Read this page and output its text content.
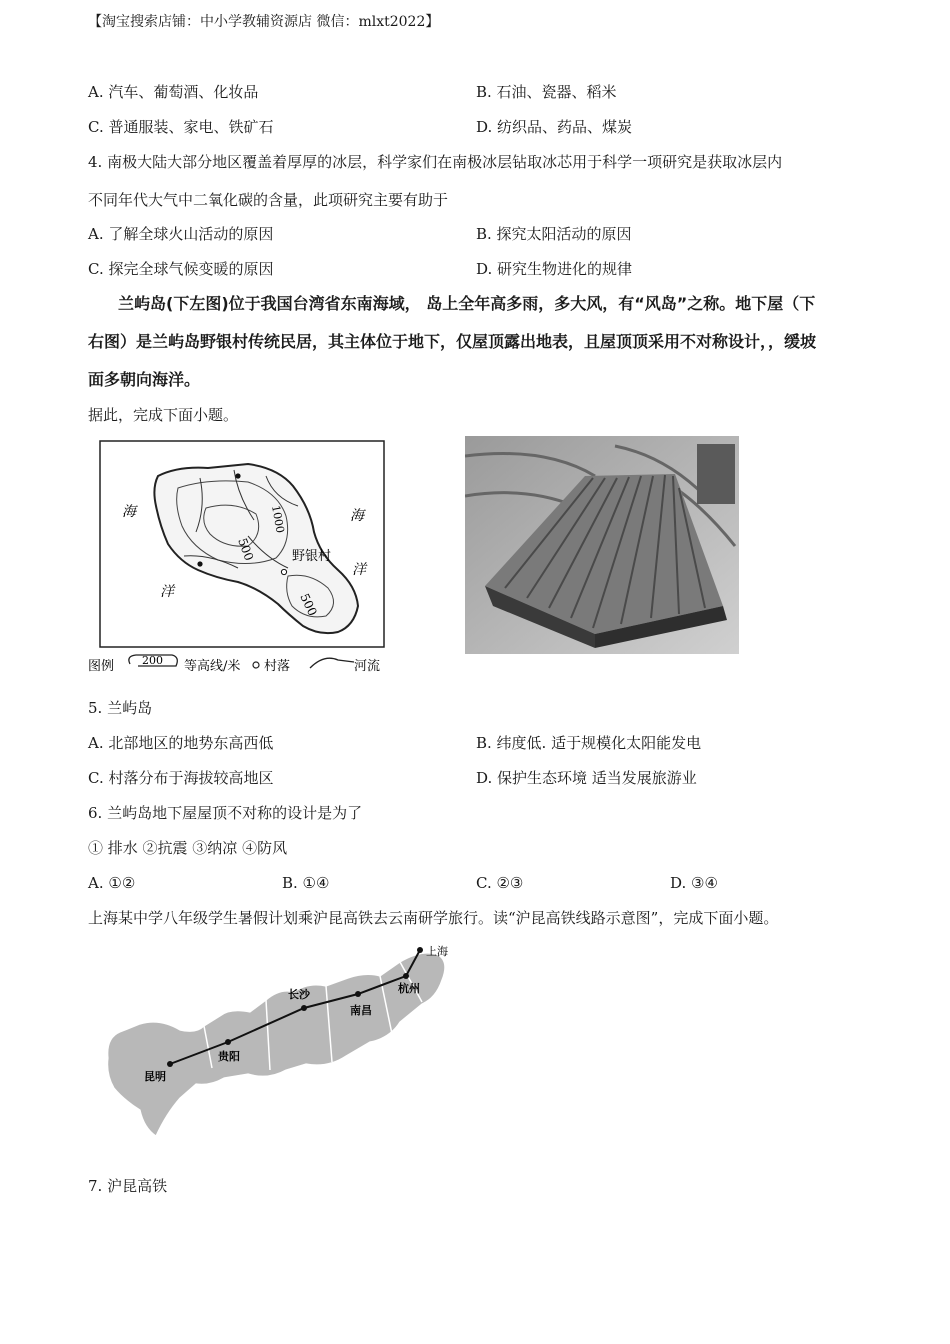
【淘宝搜索店铺：中小学教辅资源店 微信：mlxt2022】
A. 汽车、葡萄酒、化妆品	B. 石油、瓷器、稻米
C. 普通服装、家电、铁矿石	D. 纺织品、药品、煤炭
4. 南极大陆大部分地区覆盖着厚厚的冰层，科学家们在南极冰层钻取冰芯用于科学一项研究是获取冰层内
不同年代大气中二氧化碳的含量，此项研究主要有助于
A. 了解全球火山活动的原因	B. 探究太阳活动的原因
C. 探完全球气候变暖的原因	D. 研究生物进化的规律
兰屿岛(下左图)位于我国台湾省东南海域， 岛上全年高多雨，多大风，有“风岛”之称。地下屋（下
右图）是兰屿岛野银村传统民居，其主体位于地下，仅屋顶露出地表，且屋顶顶采用不对称设计，，缓坡
面多朝向海洋。
据此，完成下面小题。
海
洋
海
洋
1000
500
500
野银村
图例	200 等高线/米 村落	河流
5. 兰屿岛
A. 北部地区的地势东高西低	B. 纬度低. 适于规模化太阳能发电
C. 村落分布于海拔较高地区	D. 保护生态环境 适当发展旅游业
6. 兰屿岛地下屋屋顶不对称的设计是为了
① 排水 ②抗震 ③纳凉 ④防风
A. ①②	B. ①④	C. ②③	D. ③④
上海某中学八年级学生暑假计划乘沪昆高铁去云南研学旅行。读“沪昆高铁线路示意图”，完成下面小题。
上海
杭州
南昌
长沙
贵阳
昆明
7. 沪昆高铁
